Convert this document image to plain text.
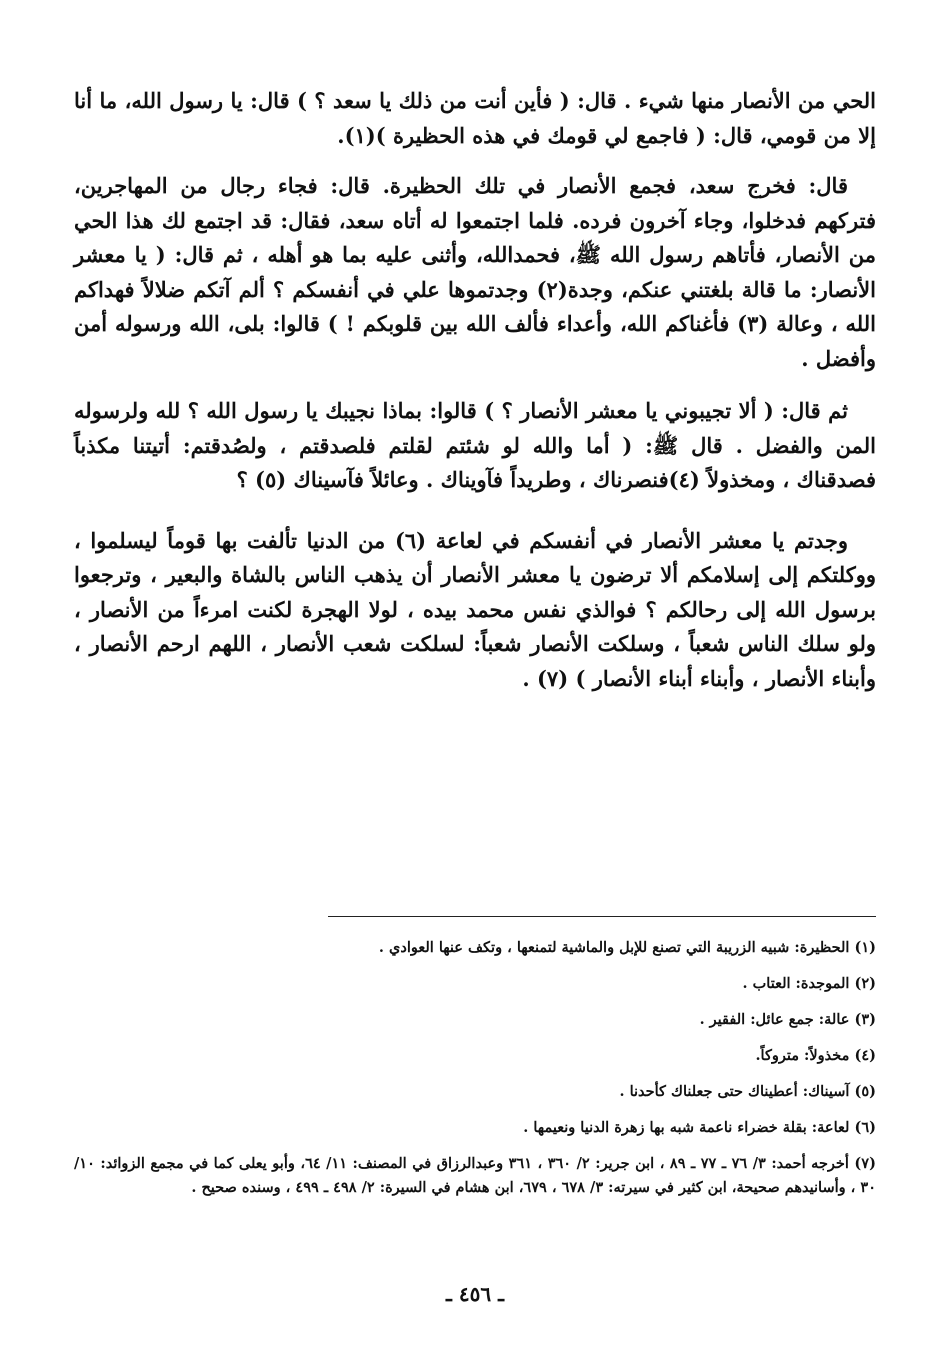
الحي من الأنصار منها شيء . قال: ( فأين أنت من ذلك يا سعد ؟ ) قال: يا رسول الله، ما أنا إلا من قومي، قال: ( فاجمع لي قومك في هذه الحظيرة )(١).

قال: فخرج سعد، فجمع الأنصار في تلك الحظيرة. قال: فجاء رجال من المهاجرين، فتركهم فدخلوا، وجاء آخرون فرده. فلما اجتمعوا له أتاه سعد، فقال: قد اجتمع لك هذا الحي من الأنصار، فأتاهم رسول الله ﷺ، فحمدالله، وأثنى عليه بما هو أهله ، ثم قال: ( يا معشر الأنصار: ما قالة بلغتني عنكم، وجدة(٢) وجدتموها علي في أنفسكم ؟ ألم آتكم ضلالاً فهداكم الله ، وعالة (٣) فأغناكم الله، وأعداء فألف الله بين قلوبكم ! ) قالوا: بلى، الله ورسوله أمن وأفضل .

ثم قال: ( ألا تجيبوني يا معشر الأنصار ؟ ) قالوا: بماذا نجيبك يا رسول الله ؟ لله ولرسوله المن والفضل . قال ﷺ: ( أما والله لو شئتم لقلتم فلصدقتم ، ولصُدقتم: أتيتنا مكذباً فصدقناك ، ومخذولاً (٤)فنصرناك ، وطريداً فآويناك . وعائلاً فآسيناك (٥) ؟

وجدتم يا معشر الأنصار في أنفسكم في لعاعة (٦) من الدنيا تألفت بها قوماً ليسلموا ، ووكلتكم إلى إسلامكم ألا ترضون يا معشر الأنصار أن يذهب الناس بالشاة والبعير ، وترجعوا برسول الله إلى رحالكم ؟ فوالذي نفس محمد بيده ، لولا الهجرة لكنت امرءاً من الأنصار ، ولو سلك الناس شعباً ، وسلكت الأنصار شعباً: لسلكت شعب الأنصار ، اللهم ارحم الأنصار ، وأبناء الأنصار ، وأبناء أبناء الأنصار ) (٧) .

(١) الحظيرة: شبيه الزريبة التي تصنع للإبل والماشية لتمنعها ، وتكف عنها العوادي .

(٢) الموجدة: العتاب .

(٣) عالة: جمع عائل: الفقير .

(٤) مخذولاً: متروكاً.

(٥) آسيناك: أعطيناك حتى جعلناك كأحدنا .

(٦) لعاعة: بقلة خضراء ناعمة شبه بها زهرة الدنيا ونعيمها .

(٧) أخرجه أحمد: ٣/ ٧٦ ـ ٧٧ ـ ٨٩ ، ابن جرير: ٢/ ٣٦٠ ، ٣٦١ وعبدالرزاق في المصنف: ١١/ ٦٤، وأبو يعلى كما في مجمع الزوائد: ١٠/ ٣٠ ، وأسانيدهم صحيحة، ابن كثير في سيرته: ٣/ ٦٧٨ ، ٦٧٩، ابن هشام في السيرة: ٢/ ٤٩٨ ـ ٤٩٩ ، وسنده صحيح .

ـ ٤٥٦ ـ
